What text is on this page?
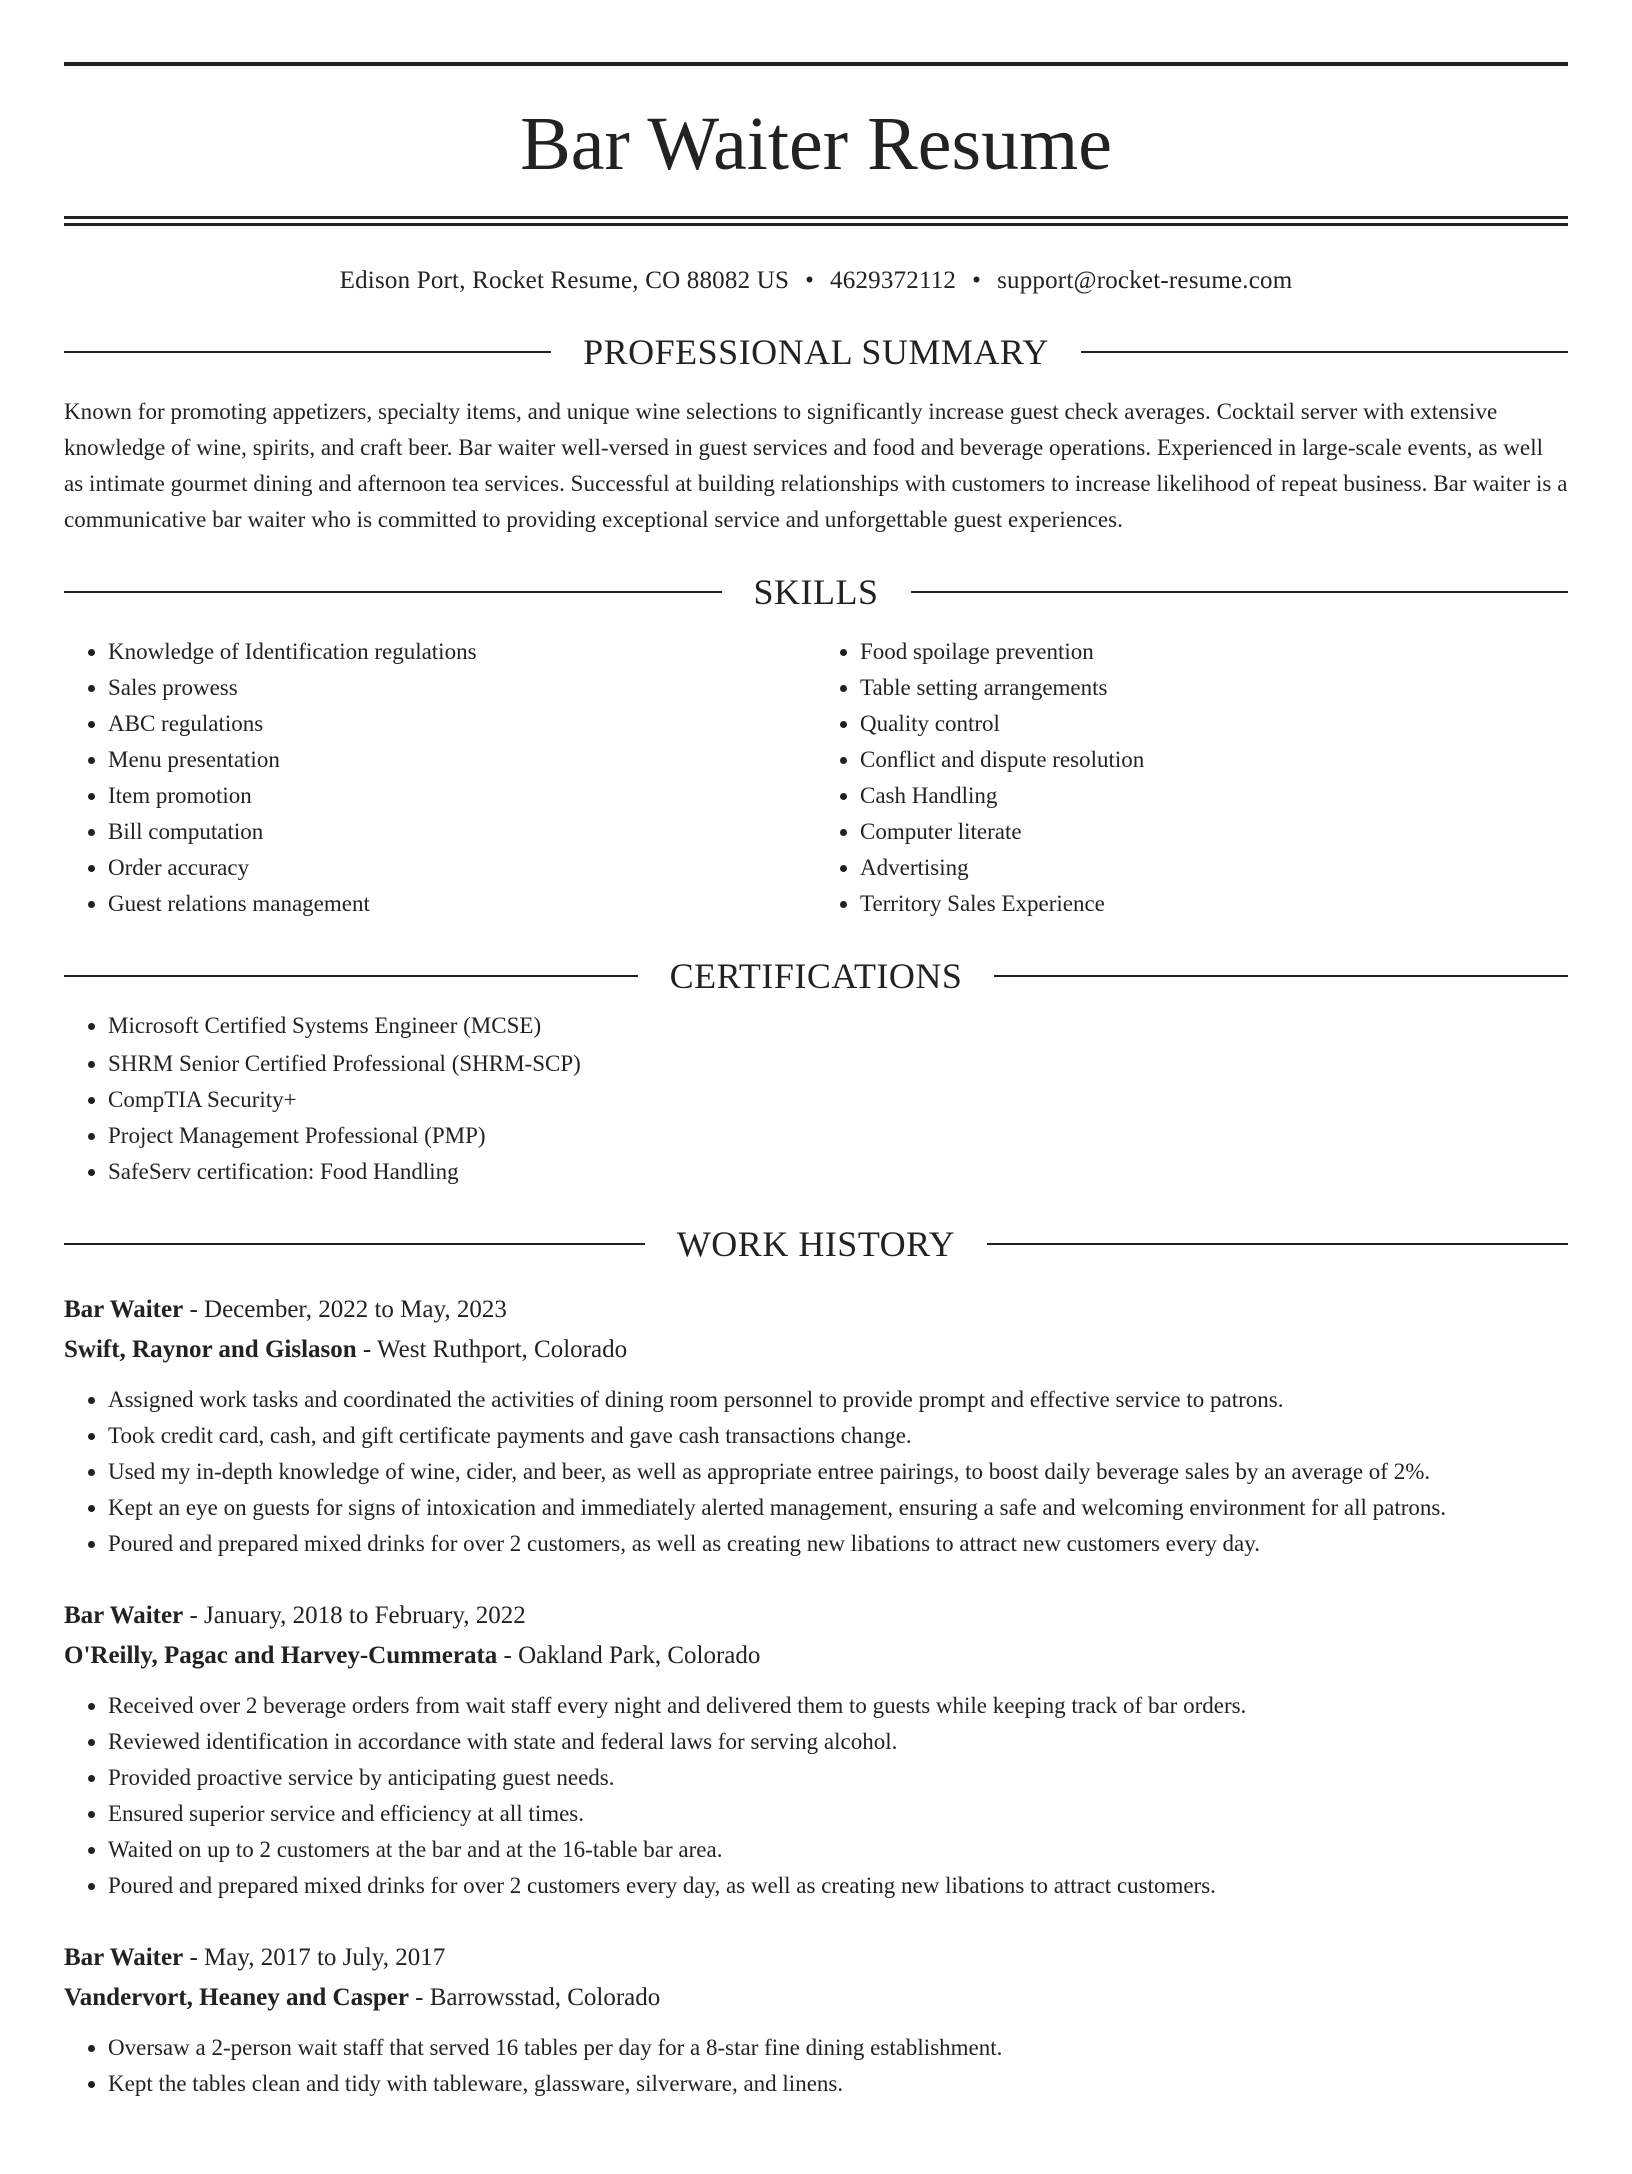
Bar Waiter Resume
Edison Port, Rocket Resume, CO 88082 US • 4629372112 • support@rocket-resume.com
PROFESSIONAL SUMMARY

Known for promoting appetizers, specialty items, and unique wine selections to significantly increase guest check averages. Cocktail server with extensive knowledge of wine, spirits, and craft beer. Bar waiter well-versed in guest services and food and beverage operations. Experienced in large-scale events, as well as intimate gourmet dining and afternoon tea services. Successful at building relationships with customers to increase likelihood of repeat business. Bar waiter is a communicative bar waiter who is committed to providing exceptional service and unforgettable guest experiences.

SKILLS
• Knowledge of Identification regulations
• Sales prowess
• ABC regulations
• Menu presentation
• Item promotion
• Bill computation
• Order accuracy
• Guest relations management
• Food spoilage prevention
• Table setting arrangements
• Quality control
• Conflict and dispute resolution
• Cash Handling
• Computer literate
• Advertising
• Territory Sales Experience
CERTIFICATIONS
• Microsoft Certified Systems Engineer (MCSE)
• SHRM Senior Certified Professional (SHRM-SCP)
• CompTIA Security+
• Project Management Professional (PMP)
• SafeServ certification: Food Handling
WORK HISTORY
Bar Waiter - December, 2022 to May, 2023
Swift, Raynor and Gislason - West Ruthport, Colorado
• Assigned work tasks and coordinated the activities of dining room personnel to provide prompt and effective service to patrons.
• Took credit card, cash, and gift certificate payments and gave cash transactions change.
• Used my in-depth knowledge of wine, cider, and beer, as well as appropriate entree pairings, to boost daily beverage sales by an average of 2%.
• Kept an eye on guests for signs of intoxication and immediately alerted management, ensuring a safe and welcoming environment for all patrons.
• Poured and prepared mixed drinks for over 2 customers, as well as creating new libations to attract new customers every day.
Bar Waiter - January, 2018 to February, 2022
O'Reilly, Pagac and Harvey-Cummerata - Oakland Park, Colorado
• Received over 2 beverage orders from wait staff every night and delivered them to guests while keeping track of bar orders.
• Reviewed identification in accordance with state and federal laws for serving alcohol.
• Provided proactive service by anticipating guest needs.
• Ensured superior service and efficiency at all times.
• Waited on up to 2 customers at the bar and at the 16-table bar area.
• Poured and prepared mixed drinks for over 2 customers every day, as well as creating new libations to attract customers.
Bar Waiter - May, 2017 to July, 2017
Vandervort, Heaney and Casper - Barrowsstad, Colorado
• Oversaw a 2-person wait staff that served 16 tables per day for a 8-star fine dining establishment.
• Kept the tables clean and tidy with tableware, glassware, silverware, and linens.
